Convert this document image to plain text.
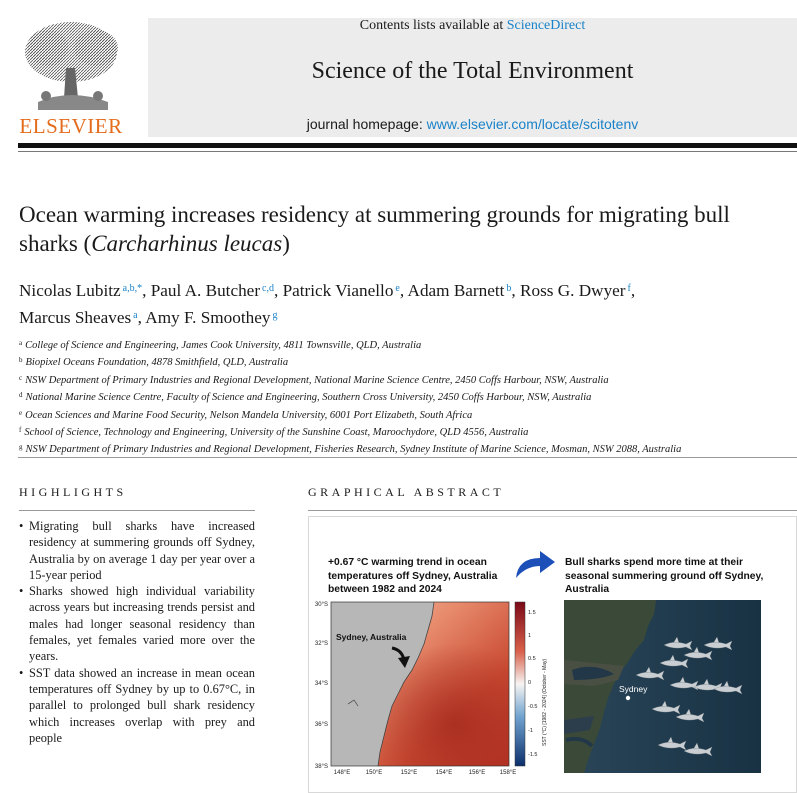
ELSEVIER
Contents lists available at ScienceDirect
Science of the Total Environment
journal homepage: www.elsevier.com/locate/scitotenv
Ocean warming increases residency at summering grounds for migrating bull sharks (Carcharhinus leucas)
Nicolas Lubitz $^{a,b,*}$, Paul A. Butcher $^{c,d}$, Patrick Vianello $^e$, Adam Barnett $^b$, Ross G. Dwyer $^f$,
Marcus Sheaves $^a$, Amy F. Smoothey $^g$
$^a$ College of Science and Engineering, James Cook University, 4811 Townsville, QLD, Australia
$^b$ Biopixel Oceans Foundation, 4878 Smithfield, QLD, Australia
$^c$ NSW Department of Primary Industries and Regional Development, National Marine Science Centre, 2450 Coffs Harbour, NSW, Australia
$^d$ National Marine Science Centre, Faculty of Science and Engineering, Southern Cross University, 2450 Coffs Harbour, NSW, Australia
$^e$ Ocean Sciences and Marine Food Security, Nelson Mandela University, 6001 Port Elizabeth, South Africa
$^f$ School of Science, Technology and Engineering, University of the Sunshine Coast, Maroochydore, QLD 4556, Australia
$^g$ NSW Department of Primary Industries and Regional Development, Fisheries Research, Sydney Institute of Marine Science, Mosman, NSW 2088, Australia
HIGHLIGHTS
• Migrating bull sharks have increased residency at summering grounds off Sydney, Australia by on average 1 day per year over a 15-year period
• Sharks showed high individual variability across years but increasing trends persist and males had longer seasonal residency than females, yet females varied more over the years.
• SST data showed an increase in mean ocean temperatures off Sydney by up to 0.67°C, in parallel to prolonged bull shark residency which increases overlap with prey and people
GRAPHICAL ABSTRACT
+0.67 °C warming trend in ocean
temperatures off Sydney, Australia
between 1982 and 2024
Bull sharks spend more time at their
seasonal summering ground off Sydney,
Australia
Sydney, Australia
30°S
32°S
34°S
36°S
38°S
148°E	150°E	152°E	154°E	156°E 158°E
1.5
1
0.5
0
-0.5
-1
-1.5
SST (°C) [1982 - 2024] (October - May)	Sydney
